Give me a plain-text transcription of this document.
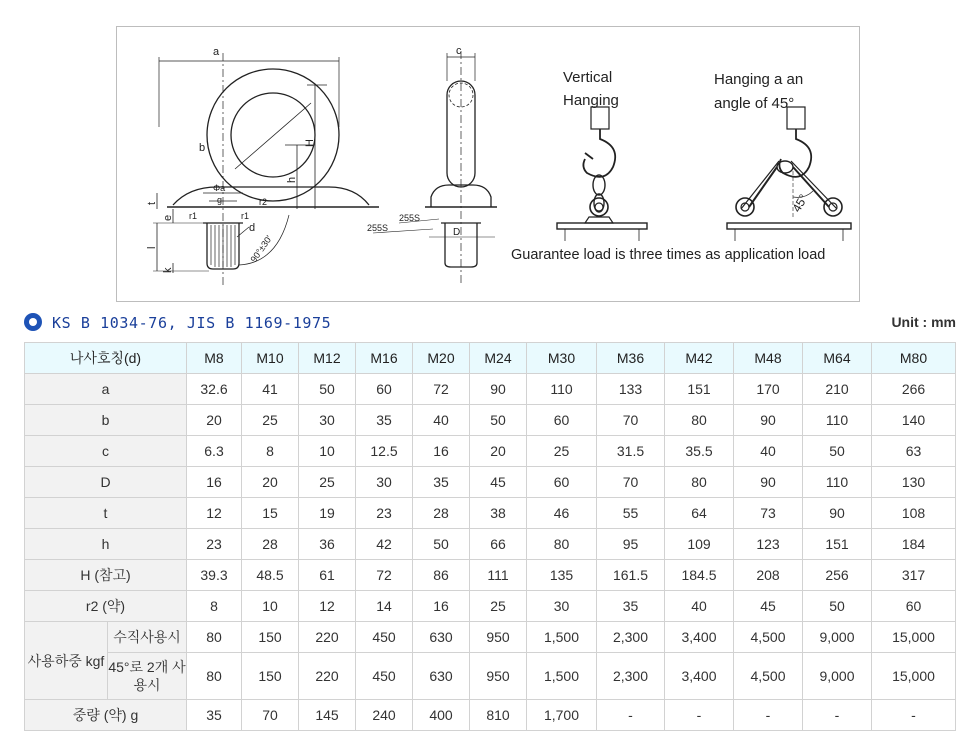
a
b	H
h
t
e
l
k
Φa
g
r1	r1
r2
d
90°±30'
c
255S
255S	D
Vertical
Hanging
Hanging a an
angle of 45°
Guarantee load is three times as application load
45°
KS B 1034-76, JIS B 1169-1975	Unit : mm
나사호칭(d)		M8	M10	M12	M16	M20	M24	M30	M36	M42	M48	M64	M80
a		32.6	41	50	60	72	90	110	133	151	170	210	266
b		20	25	30	35	40	50	60	70	80	90	110	140
c		6.3	8	10	12.5	16	20	25	31.5	35.5	40	50	63
D		16	20	25	30	35	45	60	70	80	90	110	130
t		12	15	19	23	28	38	46	55	64	73	90	108
h		23	28	36	42	50	66	80	95	109	123	151	184
H (참고)		39.3	48.5	61	72	86	111	135	161.5	184.5	208	256	317
r2 (약)		8	10	12	14	16	25	30	35	40	45	50	60
사용하중 kgf	수직사용시	80	150	220	450	630	950	1,500	2,300	3,400	4,500	9,000	15,000
	45°로 2개 사용시	80	150	220	450	630	950	1,500	2,300	3,400	4,500	9,000	15,000
중량 (약) g		35	70	145	240	400	810	1,700	-	-	-	-	-
